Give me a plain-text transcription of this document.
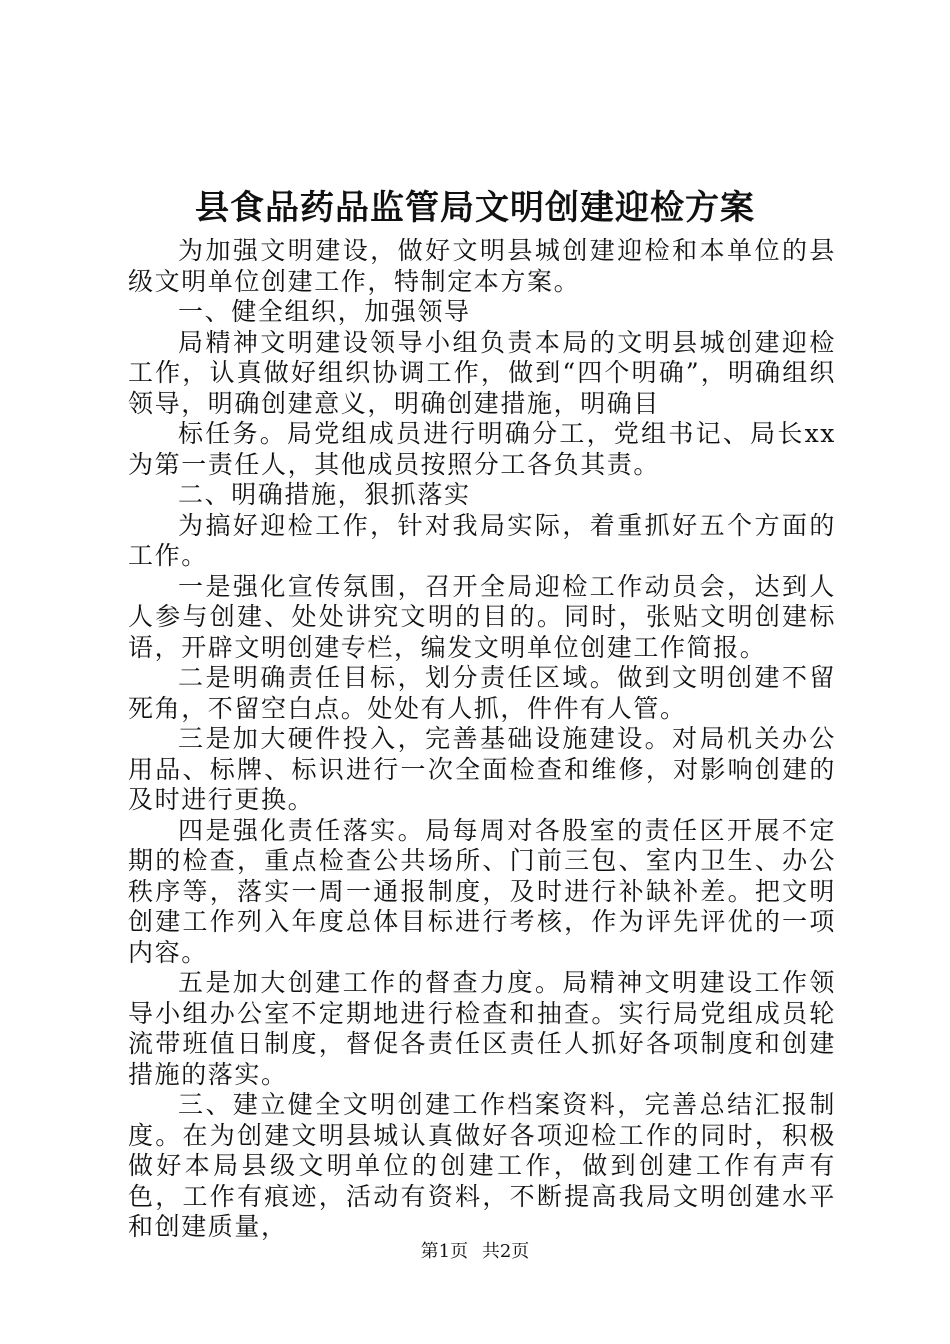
县食品药品监管局文明创建迎检方案

为加强文明建设，做好文明县城创建迎检和本单位的县级文明单位创建工作，特制定本方案。

一、健全组织，加强领导

局精神文明建设领导小组负责本局的文明县城创建迎检工作，认真做好组织协调工作，做到“四个明确”，明确组织领导，明确创建意义，明确创建措施，明确目

标任务。局党组成员进行明确分工，党组书记、局长xx为第一责任人，其他成员按照分工各负其责。

二、明确措施，狠抓落实

为搞好迎检工作，针对我局实际，着重抓好五个方面的工作。

一是强化宣传氛围，召开全局迎检工作动员会，达到人人参与创建、处处讲究文明的目的。同时，张贴文明创建标语，开辟文明创建专栏，编发文明单位创建工作简报。

二是明确责任目标，划分责任区域。做到文明创建不留死角，不留空白点。处处有人抓，件件有人管。

三是加大硬件投入，完善基础设施建设。对局机关办公用品、标牌、标识进行一次全面检查和维修，对影响创建的及时进行更换。

四是强化责任落实。局每周对各股室的责任区开展不定期的检查，重点检查公共场所、门前三包、室内卫生、办公秩序等，落实一周一通报制度，及时进行补缺补差。把文明创建工作列入年度总体目标进行考核，作为评先评优的一项内容。

五是加大创建工作的督查力度。局精神文明建设工作领导小组办公室不定期地进行检查和抽查。实行局党组成员轮流带班值日制度，督促各责任区责任人抓好各项制度和创建措施的落实。

三、建立健全文明创建工作档案资料，完善总结汇报制度。在为创建文明县城认真做好各项迎检工作的同时，积极做好本局县级文明单位的创建工作，做到创建工作有声有色，工作有痕迹，活动有资料，不断提高我局文明创建水平和创建质量，

第1页 共2页
